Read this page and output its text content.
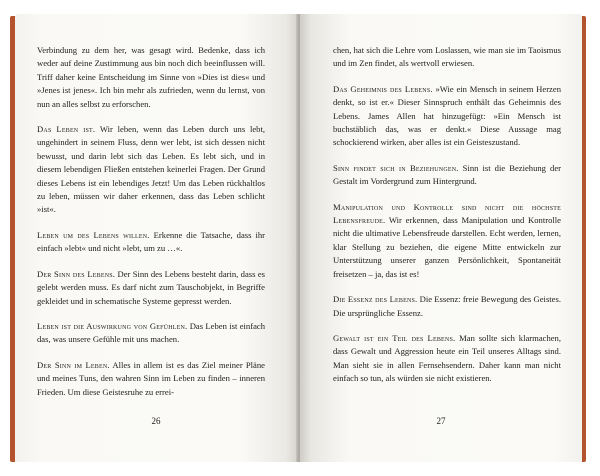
Verbindung zu dem her, was gesagt wird. Bedenke, dass ich weder auf deine Zustimmung aus bin noch dich beeinflussen will. Triff daher keine Entscheidung im Sinne von »Dies ist dies« und »Jenes ist jenes«. Ich bin mehr als zufrieden, wenn du lernst, von nun an alles selbst zu erforschen.

Das Leben ist. Wir leben, wenn das Leben durch uns lebt, ungehindert in seinem Fluss, denn wer lebt, ist sich dessen nicht bewusst, und darin lebt sich das Leben. Es lebt sich, und in diesem lebendigen Fließen entstehen keinerlei Fragen. Der Grund dieses Lebens ist ein lebendiges Jetzt! Um das Leben rückhaltlos zu leben, müssen wir daher erkennen, dass das Leben schlicht »ist«.

Leben um des Lebens willen. Erkenne die Tatsache, dass ihr einfach »lebt« und nicht »lebt, um zu …«.

Der Sinn des Lebens. Der Sinn des Lebens besteht darin, dass es gelebt werden muss. Es darf nicht zum Tauschobjekt, in Begriffe gekleidet und in schematische Systeme gepresst werden.

Leben ist die Auswirkung von Gefühlen. Das Leben ist einfach das, was unsere Gefühle mit uns machen.

Der Sinn im Leben. Alles in allem ist es das Ziel meiner Pläne und meines Tuns, den wahren Sinn im Leben zu finden – inneren Frieden. Um diese Geistesruhe zu errei-

26

chen, hat sich die Lehre vom Loslassen, wie man sie im Taoismus und im Zen findet, als wertvoll erwiesen.

Das Geheimnis des Lebens. »Wie ein Mensch in seinem Herzen denkt, so ist er.« Dieser Sinnspruch enthält das Geheimnis des Lebens. James Allen hat hinzugefügt: »Ein Mensch ist buchstäblich das, was er denkt.« Diese Aussage mag schockierend wirken, aber alles ist ein Geisteszustand.

Sinn findet sich in Beziehungen. Sinn ist die Beziehung der Gestalt im Vordergrund zum Hintergrund.

Manipulation und Kontrolle sind nicht die höchste Lebensfreude. Wir erkennen, dass Manipulation und Kontrolle nicht die ultimative Lebensfreude darstellen. Echt werden, lernen, klar Stellung zu beziehen, die eigene Mitte entwickeln zur Unterstützung unserer ganzen Persönlichkeit, Spontaneität freisetzen – ja, das ist es!

Die Essenz des Lebens. Die Essenz: freie Bewegung des Geistes. Die ursprüngliche Essenz.

Gewalt ist ein Teil des Lebens. Man sollte sich klarmachen, dass Gewalt und Aggression heute ein Teil unseres Alltags sind. Man sieht sie in allen Fernsehsendern. Daher kann man nicht einfach so tun, als würden sie nicht existieren.

27
